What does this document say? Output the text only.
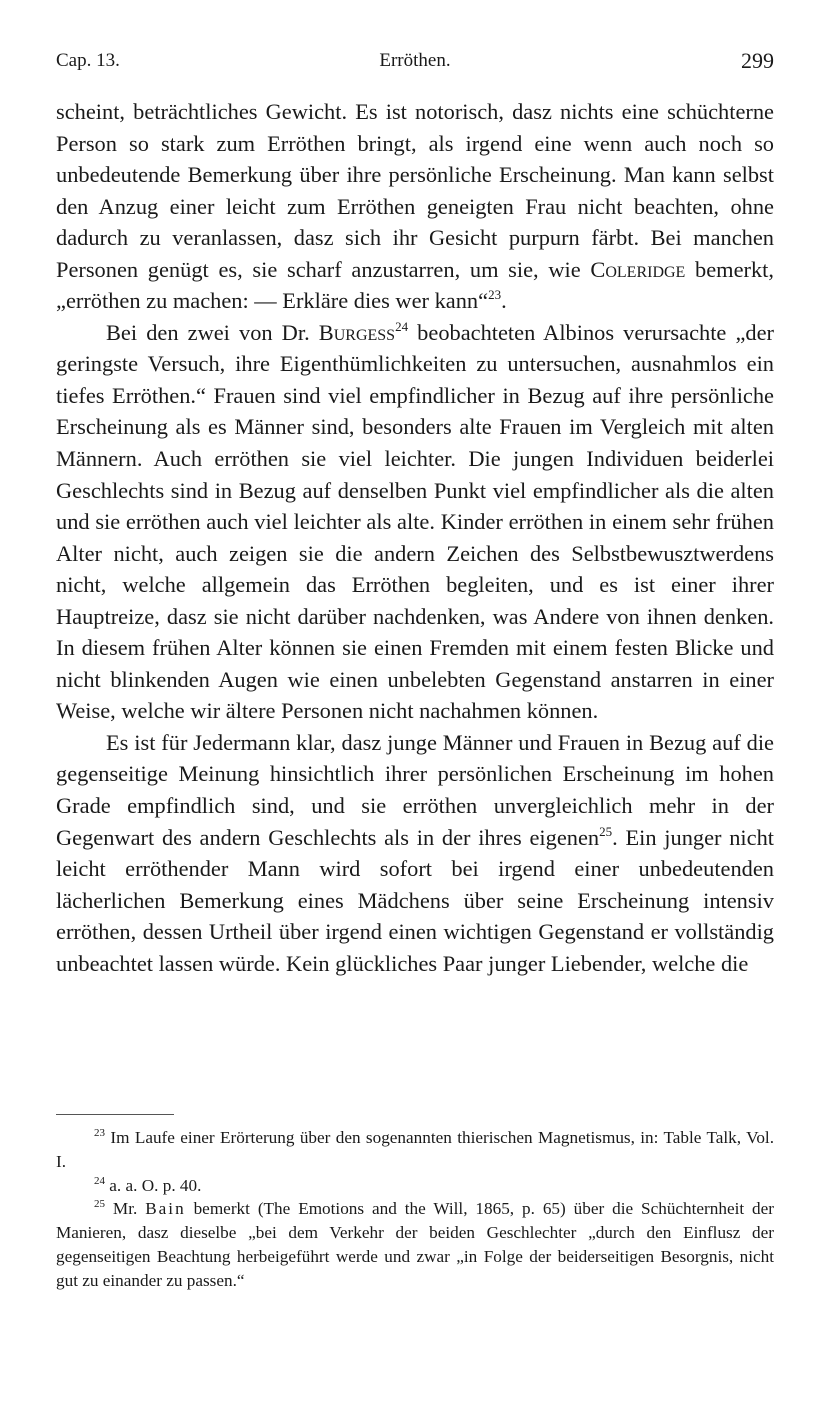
Cap. 13.	Erröthen.	299

scheint, beträchtliches Gewicht. Es ist notorisch, dasz nichts eine schüchterne Person so stark zum Erröthen bringt, als irgend eine wenn auch noch so unbedeutende Bemerkung über ihre persönliche Erscheinung. Man kann selbst den Anzug einer leicht zum Erröthen geneigten Frau nicht beachten, ohne dadurch zu veranlassen, dasz sich ihr Gesicht purpurn färbt. Bei manchen Personen genügt es, sie scharf anzustarren, um sie, wie Coleridge bemerkt, „erröthen zu machen: — Erkläre dies wer kann“$^{23}$.

Bei den zwei von Dr. Burgess$^{24}$ beobachteten Albinos verursachte „der geringste Versuch, ihre Eigenthümlichkeiten zu untersuchen, ausnahmlos ein tiefes Erröthen.“ Frauen sind viel empfindlicher in Bezug auf ihre persönliche Erscheinung als es Männer sind, besonders alte Frauen im Vergleich mit alten Männern. Auch erröthen sie viel leichter. Die jungen Individuen beiderlei Geschlechts sind in Bezug auf denselben Punkt viel empfindlicher als die alten und sie erröthen auch viel leichter als alte. Kinder erröthen in einem sehr frühen Alter nicht, auch zeigen sie die andern Zeichen des Selbstbewusztwerdens nicht, welche allgemein das Erröthen begleiten, und es ist einer ihrer Hauptreize, dasz sie nicht darüber nachdenken, was Andere von ihnen denken. In diesem frühen Alter können sie einen Fremden mit einem festen Blicke und nicht blinkenden Augen wie einen unbelebten Gegenstand anstarren in einer Weise, welche wir ältere Personen nicht nachahmen können.

Es ist für Jedermann klar, dasz junge Männer und Frauen in Bezug auf die gegenseitige Meinung hinsichtlich ihrer persönlichen Erscheinung im hohen Grade empfindlich sind, und sie erröthen unvergleichlich mehr in der Gegenwart des andern Geschlechts als in der ihres eigenen$^{25}$. Ein junger nicht leicht erröthender Mann wird sofort bei irgend einer unbedeutenden lächerlichen Bemerkung eines Mädchens über seine Erscheinung intensiv erröthen, dessen Urtheil über irgend einen wichtigen Gegenstand er vollständig unbeachtet lassen würde. Kein glückliches Paar junger Liebender, welche die

$^{23}$ Im Laufe einer Erörterung über den sogenannten thierischen Magnetismus, in: Table Talk, Vol. I.

$^{24}$ a. a. O. p. 40.

$^{25}$ Mr. Bain bemerkt (The Emotions and the Will, 1865, p. 65) über die Schüchternheit der Manieren, dasz dieselbe „bei dem Verkehr der beiden Geschlechter „durch den Einflusz der gegenseitigen Beachtung herbeigeführt werde und zwar „in Folge der beiderseitigen Besorgnis, nicht gut zu einander zu passen.“
